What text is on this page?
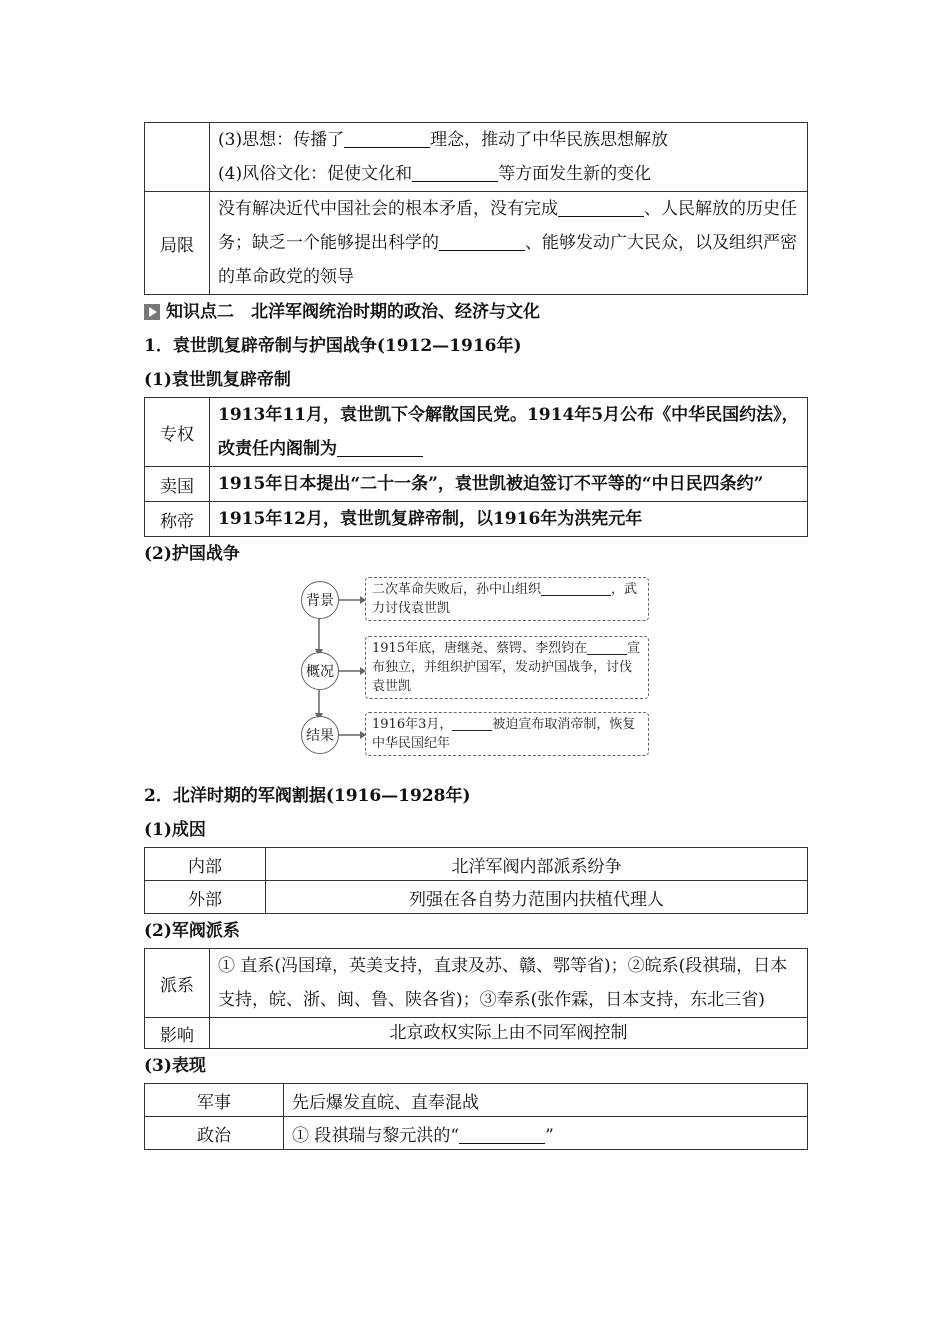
	(3)思想：传播了 理念，推动了中华民族思想解放
(4)风俗文化：促使文化和 等方面发生新的变化

局限	没有解决近代中国社会的根本矛盾，没有完成 、人民解放的历史任务；缺乏一个能够提出科学的 、能够发动广大民众，以及组织严密的革命政党的领导
知识点二　北洋军阀统治时期的政治、经济与文化
1．袁世凯复辟帝制与护国战争(1912—1916年)
(1)袁世凯复辟帝制
专权	1913年11月，袁世凯下令解散国民党。1914年5月公布《中华民国约法》，改责任内阁制为
卖国	1915年日本提出“二十一条”，袁世凯被迫签订不平等的“中日民四条约”
称帝	1915年12月，袁世凯复辟帝制，以1916年为洪宪元年
(2)护国战争
背景
概况
结果
二次革命失败后，孙中山组织	，武力讨伐袁世凯
1915年底，唐继尧、蔡锷、李烈钧在	宣布独立，并组织护国军，发动护国战争，讨伐袁世凯
1916年3月，	被迫宣布取消帝制，恢复中华民国纪年
2．北洋时期的军阀割据(1916—1928年)
(1)成因
内部	北洋军阀内部派系纷争
外部	列强在各自势力范围内扶植代理人
(2)军阀派系
派系	① 直系(冯国璋，英美支持，直隶及苏、赣、鄂等省)；②皖系(段祺瑞，日本支持，皖、浙、闽、鲁、陕各省)；③奉系(张作霖，日本支持，东北三省)
影响	北京政权实际上由不同军阀控制
(3)表现
军事	先后爆发直皖、直奉混战
政治	① 段祺瑞与黎元洪的“ ”
